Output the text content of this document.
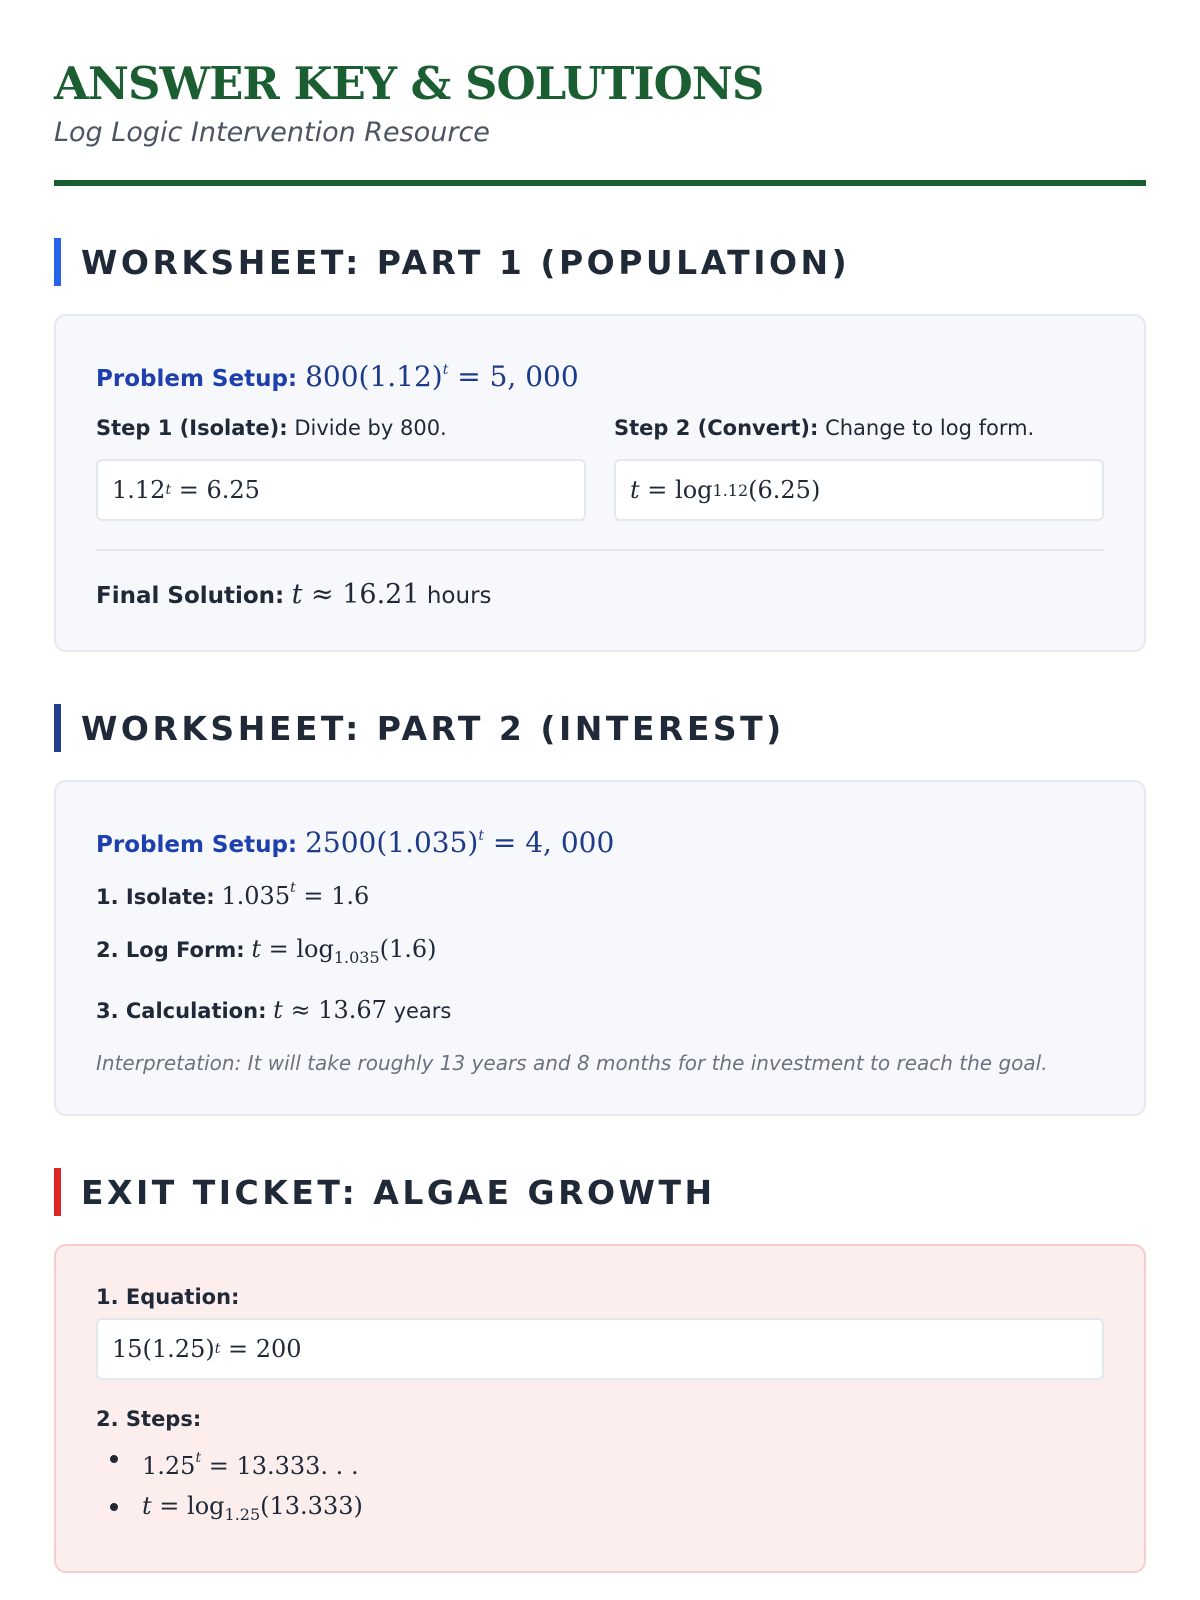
ANSWER KEY & SOLUTIONS
Log Logic Intervention Resource
WORKSHEET: PART 1 (POPULATION)
Problem Setup: $800(1.12)^t = 5$, 000
Step 1 (Isolate): Divide by 800.
1.12 t = 6.25
Step 2 (Convert): Change to log form.
t = log 1.12 (6.25)
Final Solution: t ≈ 16.21 hours
WORKSHEET: PART 2 (INTEREST)
Problem Setup: $2500(1.035)^t = 4$, 000
1. Isolate: $1.035^t = 1.6$
2. Log Form: $t = \log_{1.035}(1.6)$
3. Calculation: t ≈ 13.67 years
Interpretation: It will take roughly 13 years and 8 months for the investment to reach the goal.
EXIT TICKET: ALGAE GROWTH
1. Equation:
15(1.25) t = 200
2. Steps:
$1.25^t = 13.333$. . .
$t = \log_{1.25}(13.333)$
